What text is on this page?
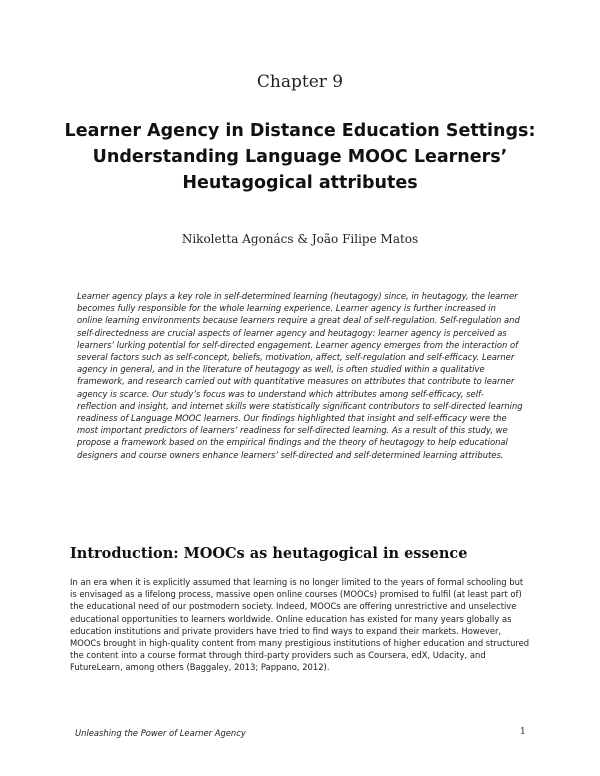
Chapter 9
Learner Agency in Distance Education Settings: Understanding Language MOOC Learners’ Heutagogical attributes
Nikoletta Agonács & João Filipe Matos

Learner agency plays a key role in self-determined learning (heutagogy) since, in heutagogy, the learner becomes fully responsible for the whole learning experience. Learner agency is further increased in online learning environments because learners require a great deal of self-regulation. Self-regulation and self-directedness are crucial aspects of learner agency and heutagogy: learner agency is perceived as learners’ lurking potential for self-directed engagement. Learner agency emerges from the interaction of several factors such as self-concept, beliefs, motivation, affect, self-regulation and self-efficacy. Learner agency in general, and in the literature of heutagogy as well, is often studied within a qualitative framework, and research carried out with quantitative measures on attributes that contribute to learner agency is scarce. Our study’s focus was to understand which attributes among self-efficacy, self-reflection and insight, and internet skills were statistically significant contributors to self-directed learning readiness of Language MOOC learners. Our findings highlighted that insight and self-efficacy were the most important predictors of learners’ readiness for self-directed learning. As a result of this study, we propose a framework based on the empirical findings and the theory of heutagogy to help educational designers and course owners enhance learners’ self-directed and self-determined learning attributes.

Introduction: MOOCs as heutagogical in essence

In an era when it is explicitly assumed that learning is no longer limited to the years of formal schooling but is envisaged as a lifelong process, massive open online courses (MOOCs) promised to fulfil (at least part of) the educational need of our postmodern society. Indeed, MOOCs are offering unrestrictive and unselective educational opportunities to learners worldwide. Online education has existed for many years globally as education institutions and private providers have tried to find ways to expand their markets. However, MOOCs brought in high-quality content from many prestigious institutions of higher education and structured the content into a course format through third-party providers such as Coursera, edX, Udacity, and FutureLearn, among others (Baggaley, 2013; Pappano, 2012).

Unleashing the Power of Learner Agency	1
